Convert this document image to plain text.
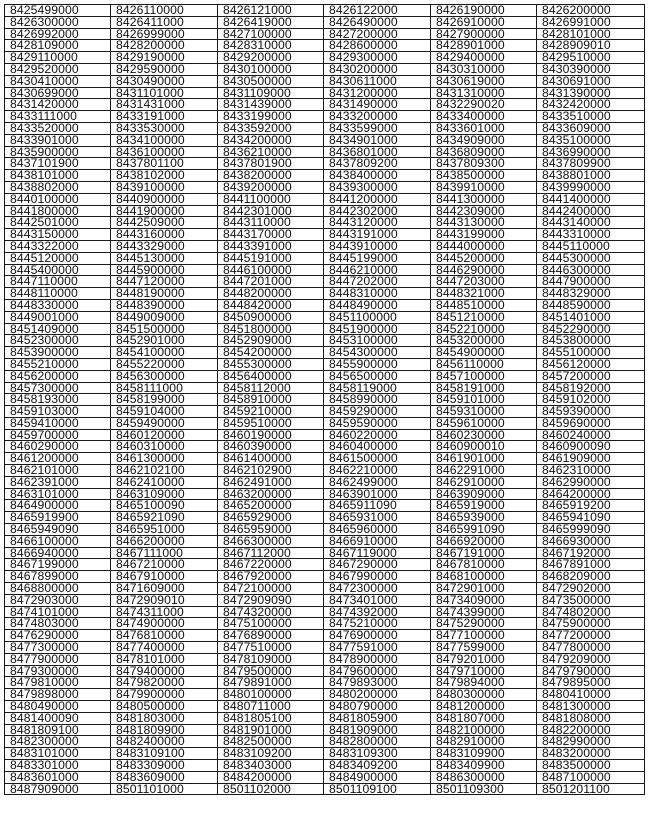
8425499000	8426110000	8426121000	8426122000	8426190000	8426200000
8426300000	8426411000	8426419000	8426490000	8426910000	8426991000
8426992000	8426999000	8427100000	8427200000	8427900000	8428101000
8428109000	8428200000	8428310000	8428600000	8428901000	8428909010
8429110000	8429190000	8429200000	8429300000	8429400000	8429510000
8429520000	8429590000	8430100000	8430200000	8430310000	8430390000
8430410000	8430490000	8430500000	8430611000	8430619000	8430691000
8430699000	8431101000	8431109000	8431200000	8431310000	8431390000
8431420000	8431431000	8431439000	8431490000	8432290020	8432420000
8433111000	8433191000	8433199000	8433200000	8433400000	8433510000
8433520000	8433530000	8433592000	8433599000	8433601000	8433609000
8433901000	8434100000	8434200000	8434901000	8434909000	8435100000
8435900000	8436100000	8436210000	8436801000	8436809000	8436990000
8437101900	8437801100	8437801900	8437809200	8437809300	8437809900
8438101000	8438102000	8438200000	8438400000	8438500000	8438801000
8438802000	8439100000	8439200000	8439300000	8439910000	8439990000
8440100000	8440900000	8441100000	8441200000	8441300000	8441400000
8441800000	8441900000	8442301000	8442302000	8442309000	8442400000
8442501000	8442509000	8443110000	8443120000	8443130000	8443140000
8443150000	8443160000	8443170000	8443191000	8443199000	8443310000
8443322000	8443329000	8443391000	8443910000	8444000000	8445110000
8445120000	8445130000	8445191000	8445199000	8445200000	8445300000
8445400000	8445900000	8446100000	8446210000	8446290000	8446300000
8447110000	8447120000	8447201000	8447202000	8447203000	8447900000
8448110000	8448190000	8448200000	8448310000	8448321000	8448329000
8448330000	8448390000	8448420000	8448490000	8448510000	8448590000
8449001000	8449009000	8450900000	8451100000	8451210000	8451401000
8451409000	8451500000	8451800000	8451900000	8452210000	8452290000
8452300000	8452901000	8452909000	8453100000	8453200000	8453800000
8453900000	8454100000	8454200000	8454300000	8454900000	8455100000
8455210000	8455220000	8455300000	8455900000	8456110000	8456120000
8456200000	8456300000	8456400000	8456500000	8457100000	8457200000
8457300000	8458111000	8458112000	8458119000	8458191000	8458192000
8458193000	8458199000	8458910000	8458990000	8459101000	8459102000
8459103000	8459104000	8459210000	8459290000	8459310000	8459390000
8459410000	8459490000	8459510000	8459590000	8459610000	8459690000
8459700000	8460120000	8460190000	8460220000	8460230000	8460240000
8460290000	8460310000	8460390000	8460400000	8460900010	8460900090
8461200000	8461300000	8461400000	8461500000	8461901000	8461909000
8462101000	8462102100	8462102900	8462210000	8462291000	8462310000
8462391000	8462410000	8462491000	8462499000	8462910000	8462990000
8463101000	8463109000	8463200000	8463901000	8463909000	8464200000
8464900000	8465100090	8465200000	8465911090	8465919000	8465919200
8465919900	8465921090	8465929000	8465931000	8465939000	8465941090
8465949090	8465951000	8465959000	8465960000	8465991090	8465999090
8466100000	8466200000	8466300000	8466910000	8466920000	8466930000
8466940000	8467111000	8467112000	8467119000	8467191000	8467192000
8467199000	8467210000	8467220000	8467290000	8467810000	8467891000
8467899000	8467910000	8467920000	8467990000	8468100000	8468209000
8468800000	8471609000	8472100000	8472300000	8472901000	8472902000
8472903000	8472909010	8472909090	8473401000	8473409000	8473500000
8474101000	8474311000	8474320000	8474392000	8474399000	8474802000
8474803000	8474900000	8475100000	8475210000	8475290000	8475900000
8476290000	8476810000	8476890000	8476900000	8477100000	8477200000
8477300000	8477400000	8477510000	8477591000	8477599000	8477800000
8477900000	8478101000	8478109000	8478900000	8479201000	8479209000
8479300000	8479400000	8479500000	8479600000	8479710000	8479790000
8479810000	8479820000	8479891000	8479893000	8479894000	8479895000
8479898000	8479900000	8480100000	8480200000	8480300000	8480410000
8480490000	8480500000	8480711000	8480790000	8481200000	8481300000
8481400090	8481803000	8481805100	8481805900	8481807000	8481808000
8481809100	8481809900	8481901000	8481909000	8482100000	8482200000
8482300000	8482400000	8482500000	8482800000	8482910000	8482990000
8483101000	8483109100	8483109200	8483109300	8483109900	8483200000
8483301000	8483309000	8483403000	8483409200	8483409900	8483500000
8483601000	8483609000	8484200000	8484900000	8486300000	8487100000
8487909000	8501101000	8501102000	8501109100	8501109300	8501201100
